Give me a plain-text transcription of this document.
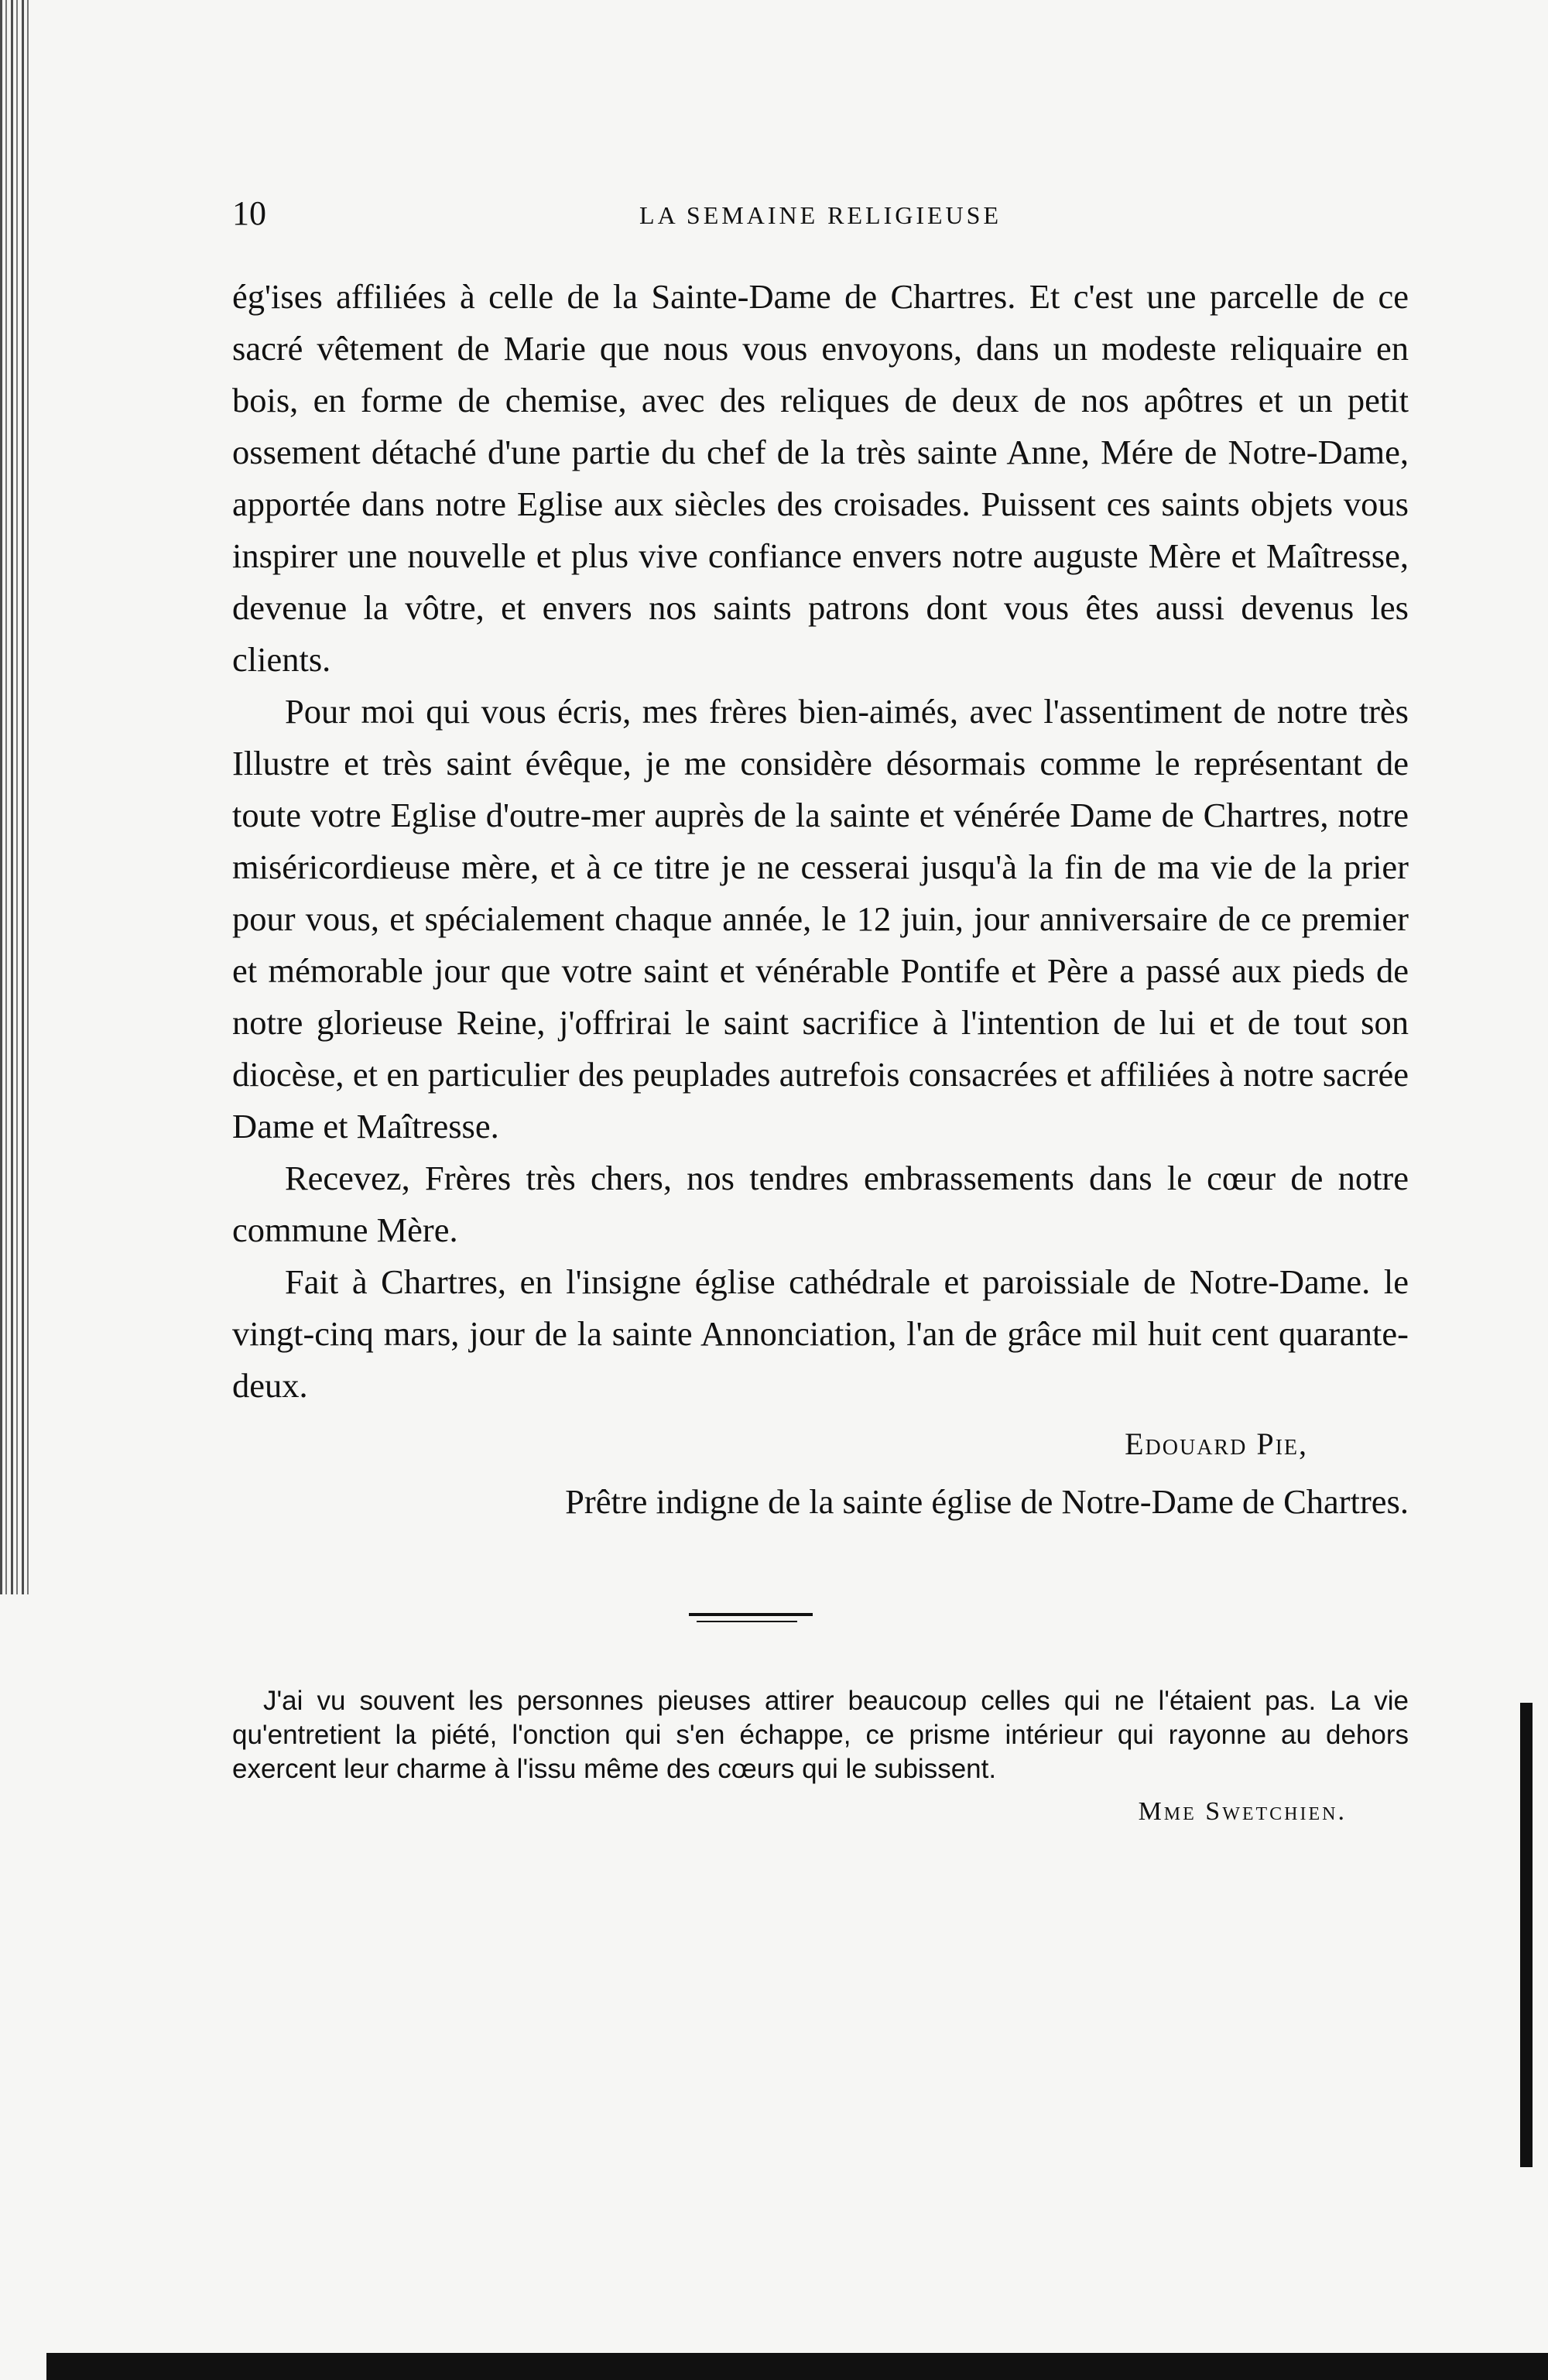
10	LA SEMAINE RELIGIEUSE

ég'ises affiliées à celle de la Sainte-Dame de Chartres. Et c'est une parcelle de ce sacré vêtement de Marie que nous vous envoyons, dans un modeste reliquaire en bois, en forme de chemise, avec des reliques de deux de nos apôtres et un petit ossement détaché d'une partie du chef de la très sainte Anne, Mére de Notre-Dame, apportée dans notre Eglise aux siècles des croisades. Puissent ces saints objets vous inspirer une nouvelle et plus vive confiance envers notre auguste Mère et Maîtresse, devenue la vôtre, et envers nos saints patrons dont vous êtes aussi devenus les clients.

Pour moi qui vous écris, mes frères bien-aimés, avec l'assentiment de notre très Illustre et très saint évêque, je me considère désormais comme le représentant de toute votre Eglise d'outre-mer auprès de la sainte et vénérée Dame de Chartres, notre miséricordieuse mère, et à ce titre je ne cesserai jusqu'à la fin de ma vie de la prier pour vous, et spécialement chaque année, le 12 juin, jour anniversaire de ce premier et mémorable jour que votre saint et vénérable Pontife et Père a passé aux pieds de notre glorieuse Reine, j'offrirai le saint sacrifice à l'intention de lui et de tout son diocèse, et en particulier des peuplades autrefois consacrées et affiliées à notre sacrée Dame et Maîtresse.

Recevez, Frères très chers, nos tendres embrassements dans le cœur de notre commune Mère.

Fait à Chartres, en l'insigne église cathédrale et paroissiale de Notre-Dame. le vingt-cinq mars, jour de la sainte Annonciation, l'an de grâce mil huit cent quarante-deux.

Edouard Pie,
Prêtre indigne de la sainte église de Notre-Dame de Chartres.

J'ai vu souvent les personnes pieuses attirer beaucoup celles qui ne l'étaient pas. La vie qu'entretient la piété, l'onction qui s'en échappe, ce prisme intérieur qui rayonne au dehors exercent leur charme à l'issu même des cœurs qui le subissent.

Mme Swetchien.
